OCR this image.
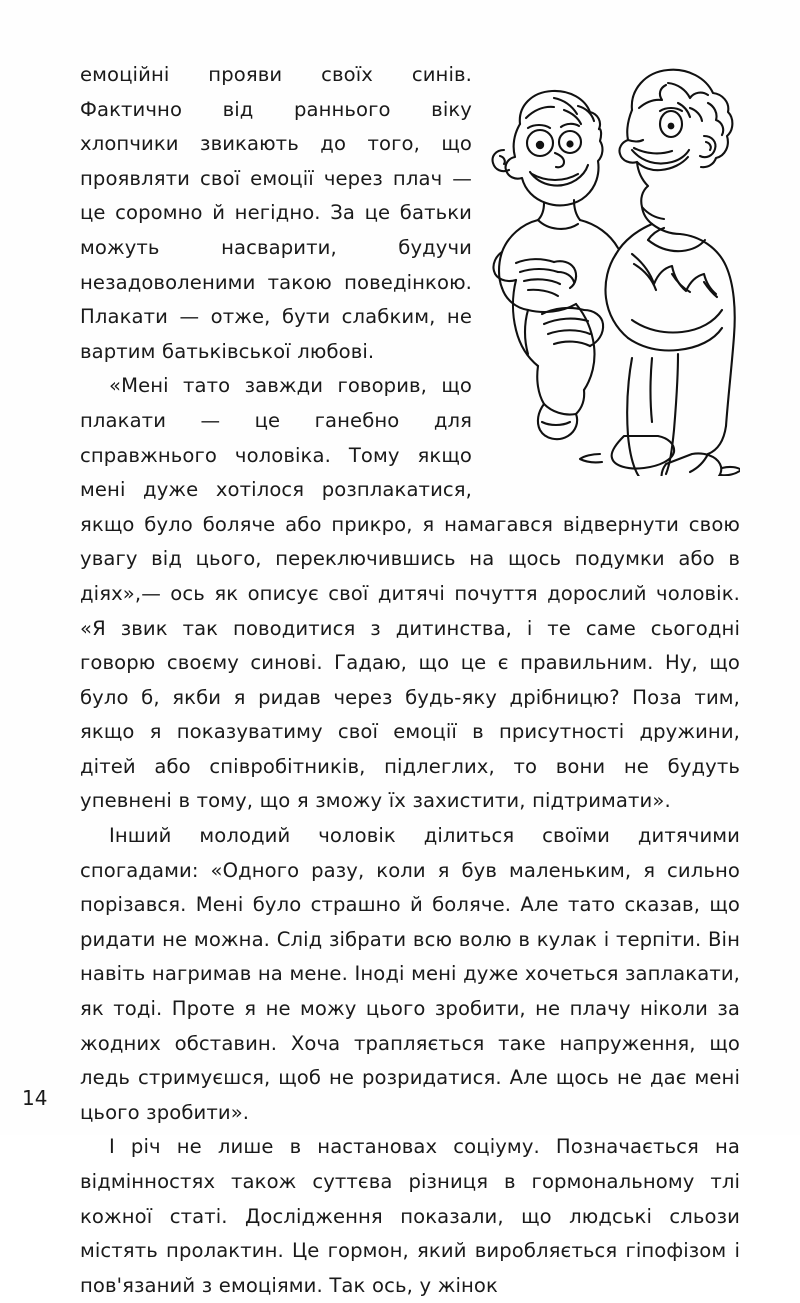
емоційні прояви своїх синів. Фактично від раннього віку хлопчики звикають до того, що проявляти свої емоції через плач — це соромно й негідно. За це батьки можуть насварити, будучи незадоволеними такою поведінкою. Плакати — отже, бути слабким, не вартим батьківської любові.

«Мені тато завжди говорив, що плакати — це ганебно для справжнього чоловіка. Тому якщо мені дуже хотілося розплакатися, якщо було боляче або прикро, я намагався відвернути свою увагу від цього, переключившись на щось подумки або в діях»,— ось як описує свої дитячі почуття дорослий чоловік. «Я звик так поводитися з дитинства, і те саме сьогодні говорю своєму синові. Гадаю, що це є правильним. Ну, що було б, якби я ридав через будь-яку дрібницю? Поза тим, якщо я показуватиму свої емоції в присутності дружини, дітей або співробітників, підлеглих, то вони не будуть упевнені в тому, що я зможу їх захистити, підтримати».

Інший молодий чоловік ділиться своїми дитячими спогадами: «Одного разу, коли я був маленьким, я сильно порізався. Мені було страшно й боляче. Але тато сказав, що ридати не можна. Слід зібрати всю волю в кулак і терпіти. Він навіть нагримав на мене. Іноді мені дуже хочеться заплакати, як тоді. Проте я не можу цього зробити, не плачу ніколи за жодних обставин. Хоча трапляється таке напруження, що ледь стримуєшся, щоб не розридатися. Але щось не дає мені цього зробити».

І річ не лише в настановах соціуму. Позначається на відмінностях також суттєва різниця в гормональному тлі кожної статі. Дослідження показали, що людські сльози містять пролактин. Це гормон, який виробляється гіпофізом і пов'язаний з емоціями. Так ось, у жінок

14
